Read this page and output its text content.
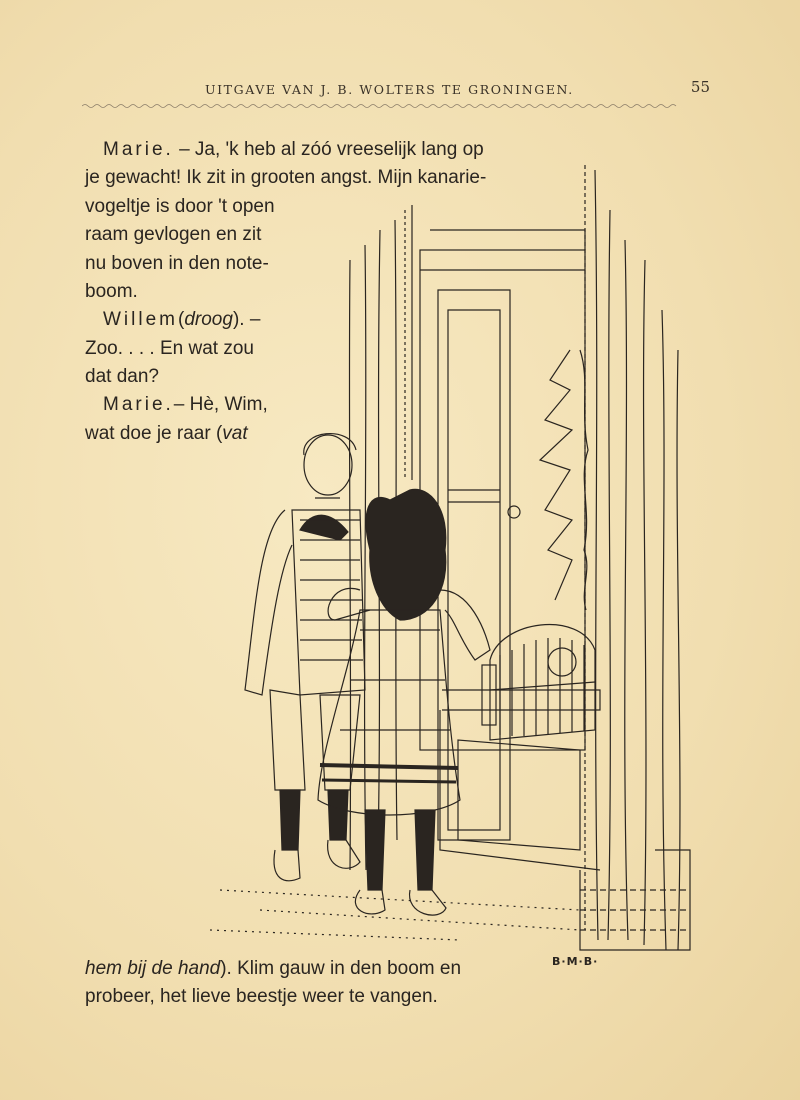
UITGAVE VAN J. B. WOLTERS TE GRONINGEN.	55
Marie. – Ja, 'k heb al zóó vreeselijk lang op
je gewacht! Ik zit in grooten angst. Mijn kanarie-
vogeltje is door 't open
raam gevlogen en zit
nu boven in den note-
boom.
Willem(droog). –
Zoo. . . . En wat zou
dat dan?
Marie.– Hè, Wim,
wat doe je raar (vat
hem bij de hand). Klim gauw in den boom en
probeer, het lieve beestje weer te vangen.
B·M·B·
